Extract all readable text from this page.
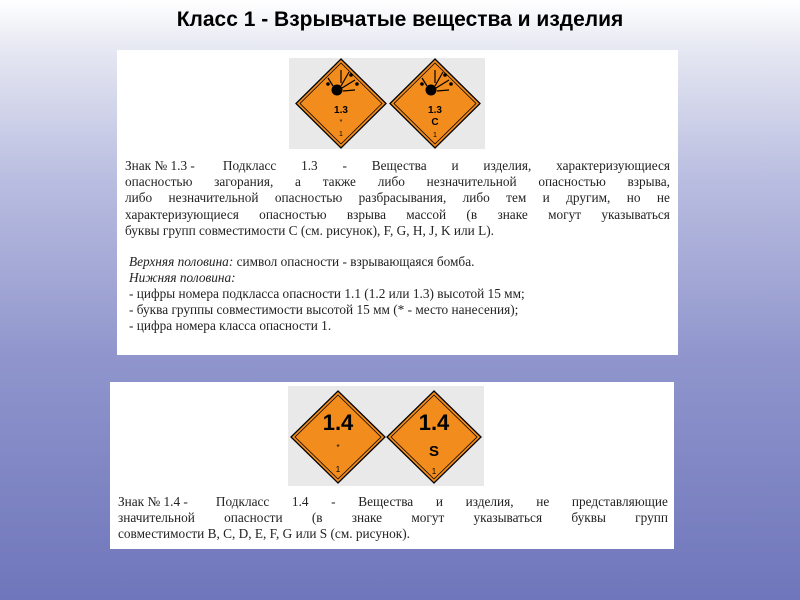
Класс 1 - Взрывчатые вещества и изделия
1.3
*
1
1.3
C
1
Знак № 1.3 - Подкласс 1.3 - Вещества и изделия, характеризующиеся
опасностью загорания, а также либо незначительной опасностью взрыва,
либо незначительной опасностью разбрасывания, либо тем и другим, но не
характеризующиеся опасностью взрыва массой (в знаке могут указываться
буквы групп совместимости C (см. рисунок), F, G, H, J, K или L).
Верхняя половина: символ опасности - взрывающаяся бомба.
Нижняя половина:
- цифры номера подкласса опасности 1.1 (1.2 или 1.3) высотой 15 мм;
- буква группы совместимости высотой 15 мм (* - место нанесения);
- цифра номера класса опасности 1.
1.4
*
1
1.4
S
1
Знак № 1.4 - Подкласс 1.4 - Вещества и изделия, не представляющие
значительной опасности (в знаке могут указываться буквы групп
совместимости B, C, D, E, F, G или S (см. рисунок).
